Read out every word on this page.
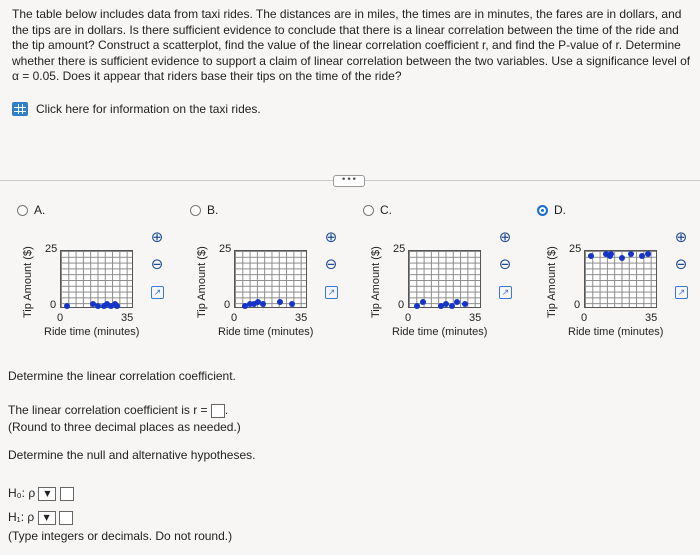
The table below includes data from taxi rides. The distances are in miles, the times are in minutes, the fares are in dollars, and the tips are in dollars. Is there sufficient evidence to conclude that there is a linear correlation between the time of the ride and the tip amount? Construct a scatterplot, find the value of the linear correlation coefficient r, and find the P-value of r. Determine whether there is sufficient evidence to support a claim of linear correlation between the two variables. Use a significance level of α = 0.05. Does it appear that riders base their tips on the time of the ride?
Click here for information on the taxi rides.
•••
A.	B.	C.	D.
Tip Amount ($) 25
0
0	35
Ride time (minutes)
⊕
⊖
↗	Tip Amount ($) 25
0
0	35
Ride time (minutes)
⊕
⊖
↗	Tip Amount ($) 25
0
0	35
Ride time (minutes)
⊕
⊖
↗	Tip Amount ($) 25
0
0	35
Ride time (minutes)
⊕
⊖
↗
Determine the linear correlation coefficient.
The linear correlation coefficient is r = .
(Round to three decimal places as needed.)
Determine the null and alternative hypotheses.
H₀: ρ ▼
H₁: ρ ▼
(Type integers or decimals. Do not round.)
